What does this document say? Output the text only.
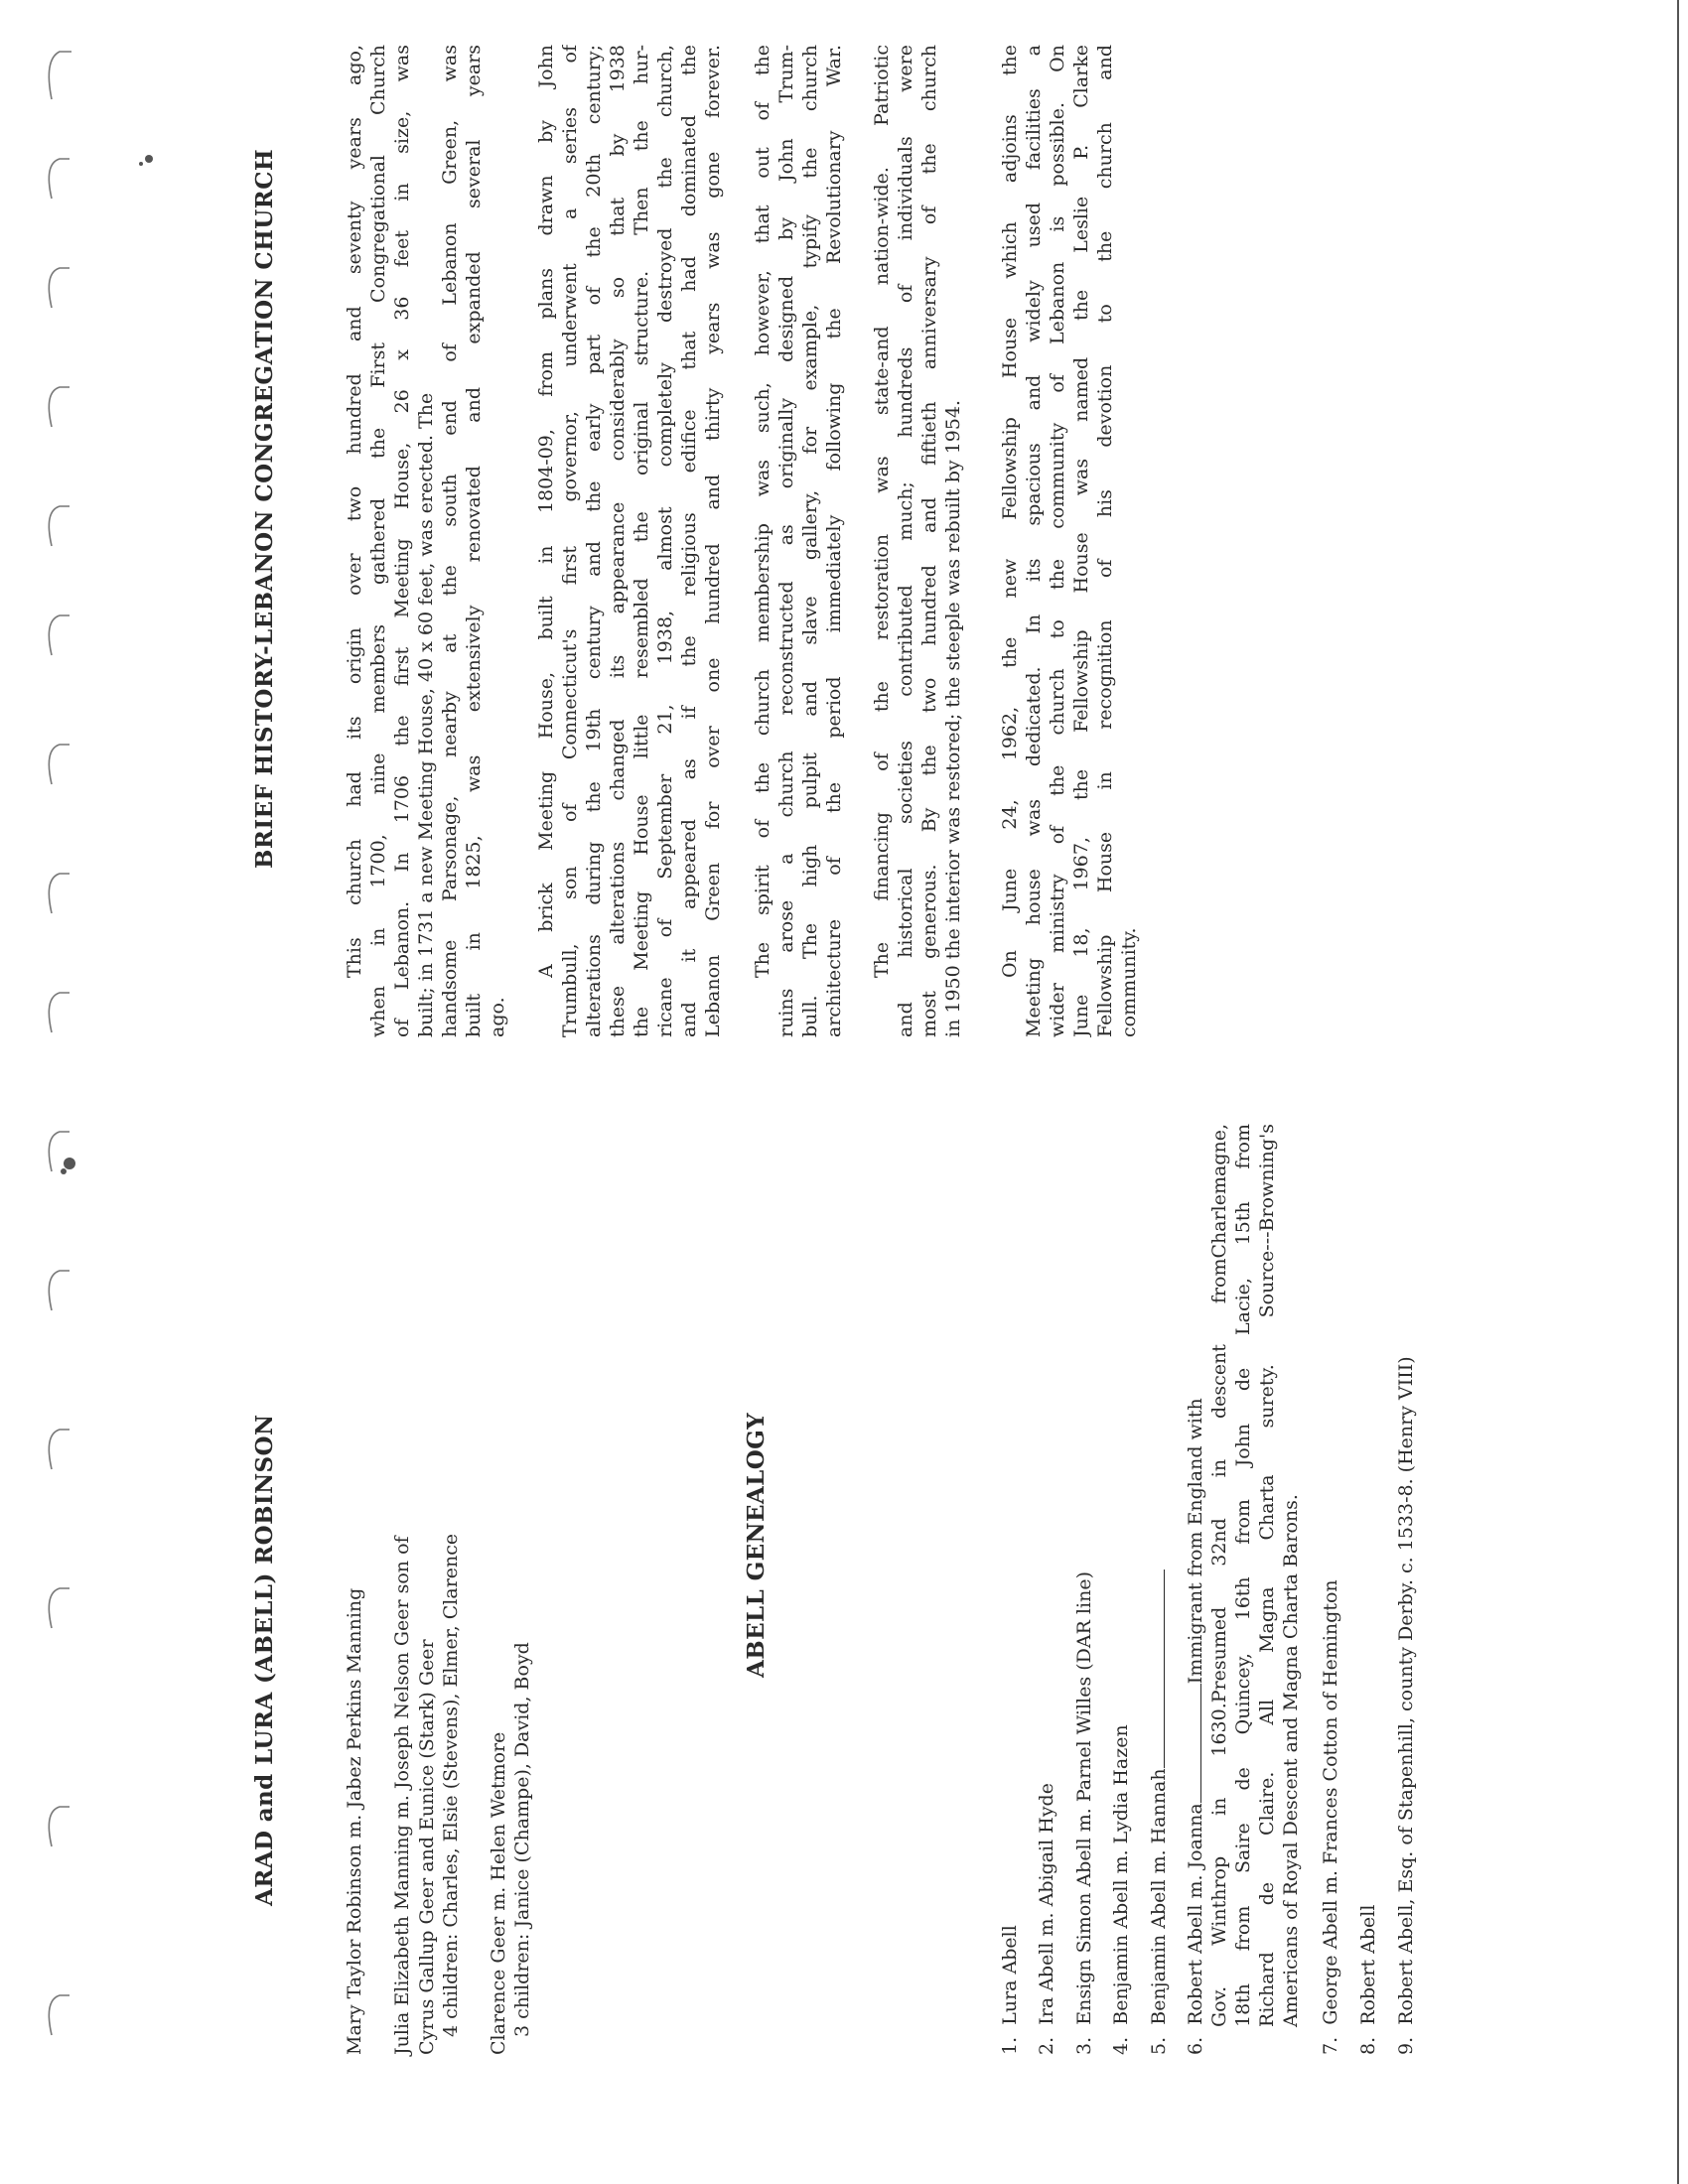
ARAD and LURA (ABELL) ROBINSON	Mary Taylor Robinson m. Jabez Perkins Manning Julia Elizabeth Manning m. Joseph Nelson Geer son of Cyrus Gallup Geer and Eunice (Stark) Geer 4 children: Charles, Elsie (Stevens), Elmer, Clarence Clarence Geer m. Helen Wetmore 3 children: Janice (Champe), David, Boyd
ABELL GENEALOGY
1.  Lura Abell
2.  Ira Abell m. Abigail Hyde
3.  Ensign Simon Abell m. Parnel Willes (DAR line)
4.  Benjamin Abell m. Lydia Hazen
5.  Benjamin Abell m. Hannah
6.  Robert Abell m. JoannaImmigrant from England with Gov. Winthrop in 1630.Presumed 32nd in descent fromCharlemagne, 18th from Saire de Quincey, 16th from John de Lacie, 15th from Richard de Claire. All Magna Charta surety. Source---Browning's Americans of Royal Descent and Magna Charta Barons.
7.  George Abell m. Frances Cotton of Hemington
8.  Robert Abell
9.  Robert Abell, Esq. of Stapenhill, county Derby. c. 1533-8. (Henry VIII)
BRIEF HISTORY-LEBANON CONGREGATION CHURCH	This church had its origin over two hundred and seventy years ago, when in 1700, nine members gathered the First Congregational Church of Lebanon. In 1706 the first Meeting House, 26 x 36 feet in size, was built; in 1731 a new Meeting House, 40 x 60 feet, was erected. The handsome Parsonage, nearby at the south end of Lebanon Green, was built in 1825, was extensively renovated and expanded several years ago.
A brick Meeting House, built in 1804-09, from plans drawn by John Trumbull, son of Connecticut's first governor, underwent a series of alterations during the 19th century and the early part of the 20th century; these alterations changed its appearance considerably so that by 1938 the Meeting House little resembled the original structure. Then the hur- ricane of September 21, 1938, almost completely destroyed the church, and it appeared as if the religious edifice that had dominated the Lebanon Green for over one hundred and thirty years was gone forever. The spirit of the church membership was such, however, that out of the ruins arose a church reconstructed as originally designed by John Trum- bull. The high pulpit and slave gallery, for example, typify the church architecture of the period immediately following the Revolutionary War. The financing of the restoration was state-and nation-wide. Patriotic and historical societies contributed much; hundreds of individuals were most generous. By the two hundred and fiftieth anniversary of the church in 1950 the interior was restored; the steeple was rebuilt by 1954. On June 24, 1962, the new Fellowship House which adjoins the Meeting house was dedicated. In its spacious and widely used facilities a wider ministry of the church to the community of Lebanon is possible. On June 18, 1967, the Fellowship House was named the Leslie P. Clarke Fellowship House in recognition of his devotion to the church and community.
